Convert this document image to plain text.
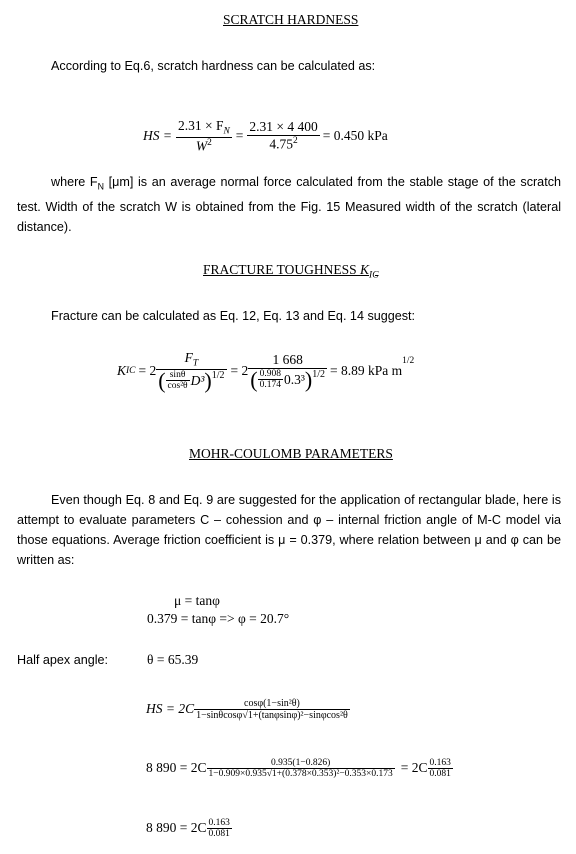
SCRATCH HARDNESS
According to Eq.6, scratch hardness can be calculated as:
HS = $\frac{2.31 \times F_N}{W^2} = \frac{2.31 \times 4 400}{4.75^2} = 0.450$ kPa
where $F_N$ [μm] is an average normal force calculated from the stable stage of the scratch test. Width of the scratch W is obtained from the Fig. 15 Measured width of the scratch (lateral distance).
FRACTURE TOUGHNESS $K_{IC}$
Fracture can be calculated as Eq. 12, Eq. 13 and Eq. 14 suggest:
K IC = 2
$F_T$
( $\frac{\sin\theta}{\text{cos²θ}} D^3$ )$^{1/2}$ = 2
1 668
( $\frac{0.908}{0.174} 0.3^3$ )$^{1/2}$ = 8.89 kPa m
$^{1/2}$
MOHR-COULOMB PARAMETERS
Even though Eq. 8 and Eq. 9 are suggested for the application of rectangular blade, here is attempt to evaluate parameters C – cohession and φ – internal friction angle of M-C model via those equations. Average friction coefficient is μ = 0.379, where relation between μ and φ can be written as:
μ = tanφ
0.379 = tanφ => φ = 20.7°
Half apex angle:	θ = 65.39
HS = $2C \frac{\text{cosφ(1−sin²θ)}}{\text{1−sinθcosφ√1+(tanφsinφ)²−sinφcos²θ}}$
8 $890 = 2C \frac{0.935(1-0.826)}{\text{1−0.909×0.935√1+(0.378×0.353)²−0.353×0.173}} = 2C \frac{0.163}{0.081}$
8 $890 = 2C \frac{0.163}{0.081}$
